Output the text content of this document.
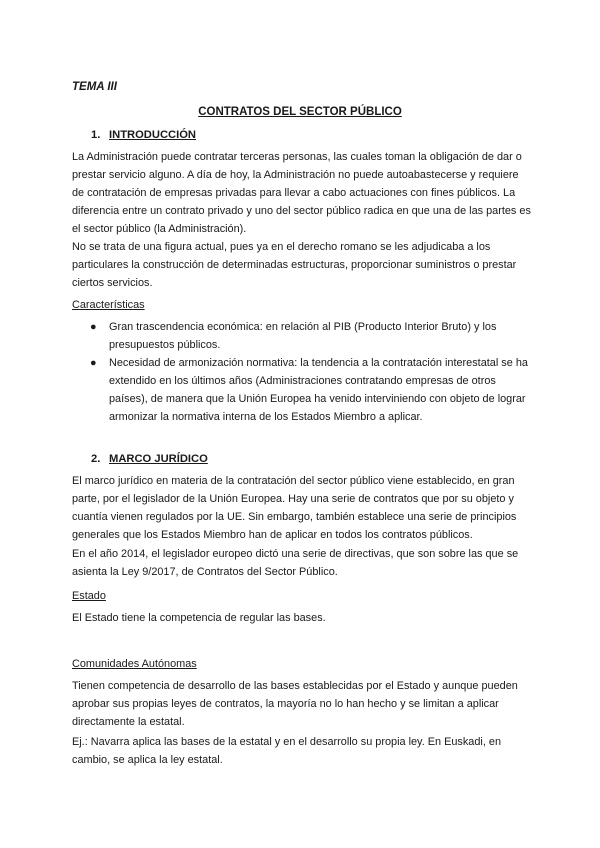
TEMA III
CONTRATOS DEL SECTOR PÚBLICO
1. INTRODUCCIÓN

La Administración puede contratar terceras personas, las cuales toman la obligación de dar o prestar servicio alguno. A día de hoy, la Administración no puede autoabastecerse y requiere de contratación de empresas privadas para llevar a cabo actuaciones con fines públicos. La diferencia entre un contrato privado y uno del sector público radica en que una de las partes es el sector público (la Administración).

No se trata de una figura actual, pues ya en el derecho romano se les adjudicaba a los particulares la construcción de determinadas estructuras, proporcionar suministros o prestar ciertos servicios.

Características
● Gran trascendencia económica: en relación al PIB (Producto Interior Bruto) y los presupuestos públicos.
● Necesidad de armonización normativa: la tendencia a la contratación interestatal se ha extendido en los últimos años (Administraciones contratando empresas de otros países), de manera que la Unión Europea ha venido interviniendo con objeto de lograr armonizar la normativa interna de los Estados Miembro a aplicar.
2. MARCO JURÍDICO

El marco jurídico en materia de la contratación del sector público viene establecido, en gran parte, por el legislador de la Unión Europea. Hay una serie de contratos que por su objeto y cuantía vienen regulados por la UE. Sin embargo, también establece una serie de principios generales que los Estados Miembro han de aplicar en todos los contratos públicos.

En el año 2014, el legislador europeo dictó una serie de directivas, que son sobre las que se asienta la Ley 9/2017, de Contratos del Sector Público.

Estado

El Estado tiene la competencia de regular las bases.

Comunidades Autónomas

Tienen competencia de desarrollo de las bases establecidas por el Estado y aunque pueden aprobar sus propias leyes de contratos, la mayoría no lo han hecho y se limitan a aplicar directamente la estatal.

Ej.: Navarra aplica las bases de la estatal y en el desarrollo su propia ley. En Euskadi, en cambio, se aplica la ley estatal.
